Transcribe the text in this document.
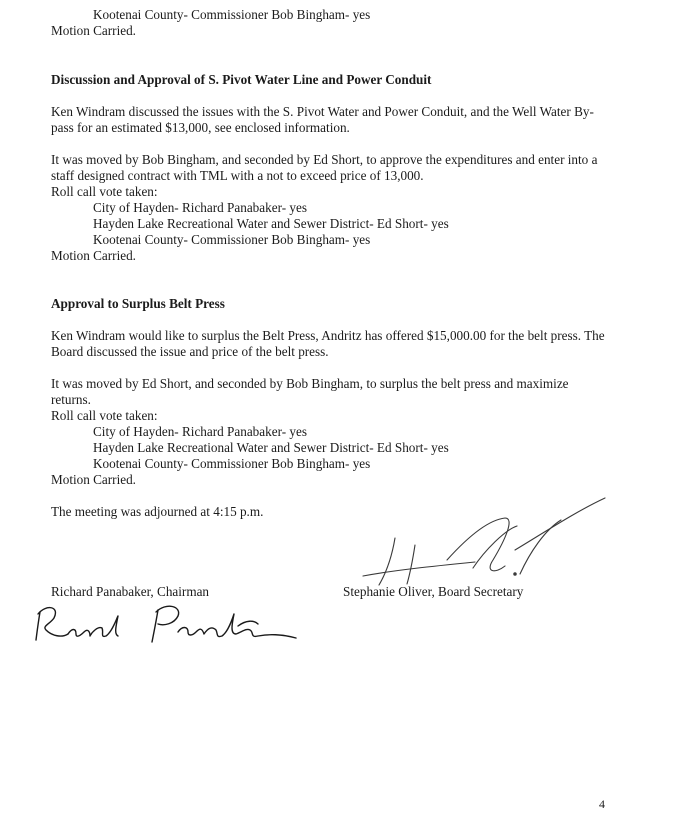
Kootenai County- Commissioner Bob Bingham- yes

Motion Carried.

Discussion and Approval of S. Pivot Water Line and Power Conduit

Ken Windram discussed the issues with the S. Pivot Water and Power Conduit, and the Well Water By-pass for an estimated $13,000, see enclosed information.

It was moved by Bob Bingham, and seconded by Ed Short, to approve the expenditures and enter into a staff designed contract with TML with a not to exceed price of 13,000.

Roll call vote taken:

City of Hayden- Richard Panabaker- yes

Hayden Lake Recreational Water and Sewer District- Ed Short- yes

Kootenai County- Commissioner Bob Bingham- yes

Motion Carried.

Approval to Surplus Belt Press

Ken Windram would like to surplus the Belt Press, Andritz has offered $15,000.00 for the belt press. The Board discussed the issue and price of the belt press.

It was moved by Ed Short, and seconded by Bob Bingham, to surplus the belt press and maximize returns.

Roll call vote taken:

City of Hayden- Richard Panabaker- yes

Hayden Lake Recreational Water and Sewer District- Ed Short- yes

Kootenai County- Commissioner Bob Bingham- yes

Motion Carried.

The meeting was adjourned at 4:15 p.m.

Richard Panabaker, Chairman	Stephanie Oliver, Board Secretary

4
